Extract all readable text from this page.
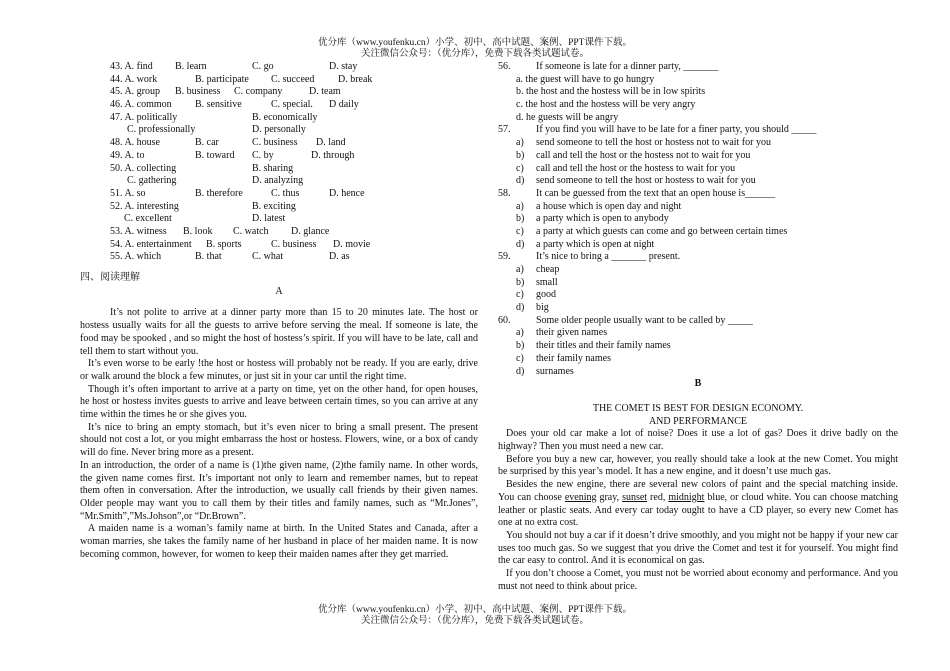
优分库（www.youfenku.cn）小学、初中、高中试题、案例、PPT课件下载。
关注微信公众号：（优分库），免费下载各类试题试卷。
43. A. find B. learn	C. go	D. stay
44. A. work	B. participate C. succeed D. break
45. A. group B. business C. company	D. team
46. A. common B. sensitive	C. special. D daily
47. A. politically	B. economically
C. professionally	D. personally
48. A. house	B. car	C. business D. land
49. A. to	B. toward C. by	D. through
50. A. collecting	B. sharing
C. gathering	D. analyzing
51. A. so	B. therefore	C. thus	D. hence
52. A. interesting	B. exciting
C. excellent	D. latest
53. A. witness B. look C. watch D. glance
54. A. entertainment B. sports	C. business D. movie
55. A. which	B. that	C. what	D. as
四、阅读理解
A

It’s not polite to arrive at a dinner party more than 15 to 20 minutes late. The host or hostess usually waits for all the guests to arrive before serving the meal. If someone is late, the food may be spooked , and so might the host of hostess’s spirit. If you will have to be late, call and tell them to start without you.

It’s even worse to be early !the host or hostess will probably not be ready. If you are early, drive or walk around the block a few minutes, or just sit in your car until the right time.

Though it’s often important to arrive at a party on time, yet on the other hand, for open houses, he host or hostess invites guests to arrive and leave between certain times, so you can arrive at any time within the times he or she gives you.

It’s nice to bring an empty stomach, but it’s even nicer to bring a small present. The present should not cost a lot, or you might embarrass the host or hostess. Flowers, wine, or a box of candy will do fine. Never bring more as a present.

In an introduction, the order of a name is (1)the given name, (2)the family name. In other words, the given name comes first. It’s important not only to learn and remember names, but to repeat them often in conversation. After the introduction, we usually call friends by their given names. Older people may want you to call them by their titles and family names, such as “Mr.Jones”, “Mr.Smith”,”Ms.Johson”,or “Dr.Brown”.

A maiden name is a woman’s family name at birth. In the United States and Canada, after a woman marries, she takes the family name of her husband in place of her maiden name. It is now becoming common, however, for women to keep their maiden names after they get married.

56.	If someone is late for a dinner party, _______
a. the guest will have to go hungry
b. the host and the hostess will be in low spirits
c. the host and the hostess will be very angry
d. he guests will be angry
57.	If you find you will have to be late for a finer party, you should _____
a) send someone to tell the host or hostess not to wait for you
b) call and tell the host or the hostess not to wait for you
c) call and tell the host or the hostess to wait for you
d) send someone to tell the host or hostess to wait for you
58.	It can be guessed from the text that an open house is______
a) a house which is open day and night
b) a party which is open to anybody
c) a party at which guests can come and go between certain times
d) a party which is open at night
59.	It’s nice to bring a _______ present.
a) cheap
b) small
c) good
d) big
60.	Some older people usually want to be called by _____
a) their given names
b) their titles and their family names
c) their family names
d) surnames
B
THE COMET IS BEST FOR DESIGN ECONOMY.
AND PERFORMANCE

Does your old car make a lot of noise? Does it use a lot of gas? Does it drive badly on the highway? Then you must need a new car.

Before you buy a new car, however, you really should take a look at the new Comet. You might be surprised by this year’s model. It has a new engine, and it doesn’t use much gas.

Besides the new engine, there are several new colors of paint and the special matching inside. You can choose evening gray, sunset red, midnight blue, or cloud white. You can choose matching leather or plastic seats. And every car today ought to have a CD player, so every new Comet has one at no extra cost.

You should not buy a car if it doesn’t drive smoothly, and you might not be happy if your new car uses too much gas. So we suggest that you drive the Comet and test it for yourself. You might find the car easy to control. And it is economical on gas.

If you don’t choose a Comet, you must not be worried about economy and performance. And you must not need to think about price.

优分库（www.youfenku.cn）小学、初中、高中试题、案例、PPT课件下载。
关注微信公众号：（优分库），免费下载各类试题试卷。
